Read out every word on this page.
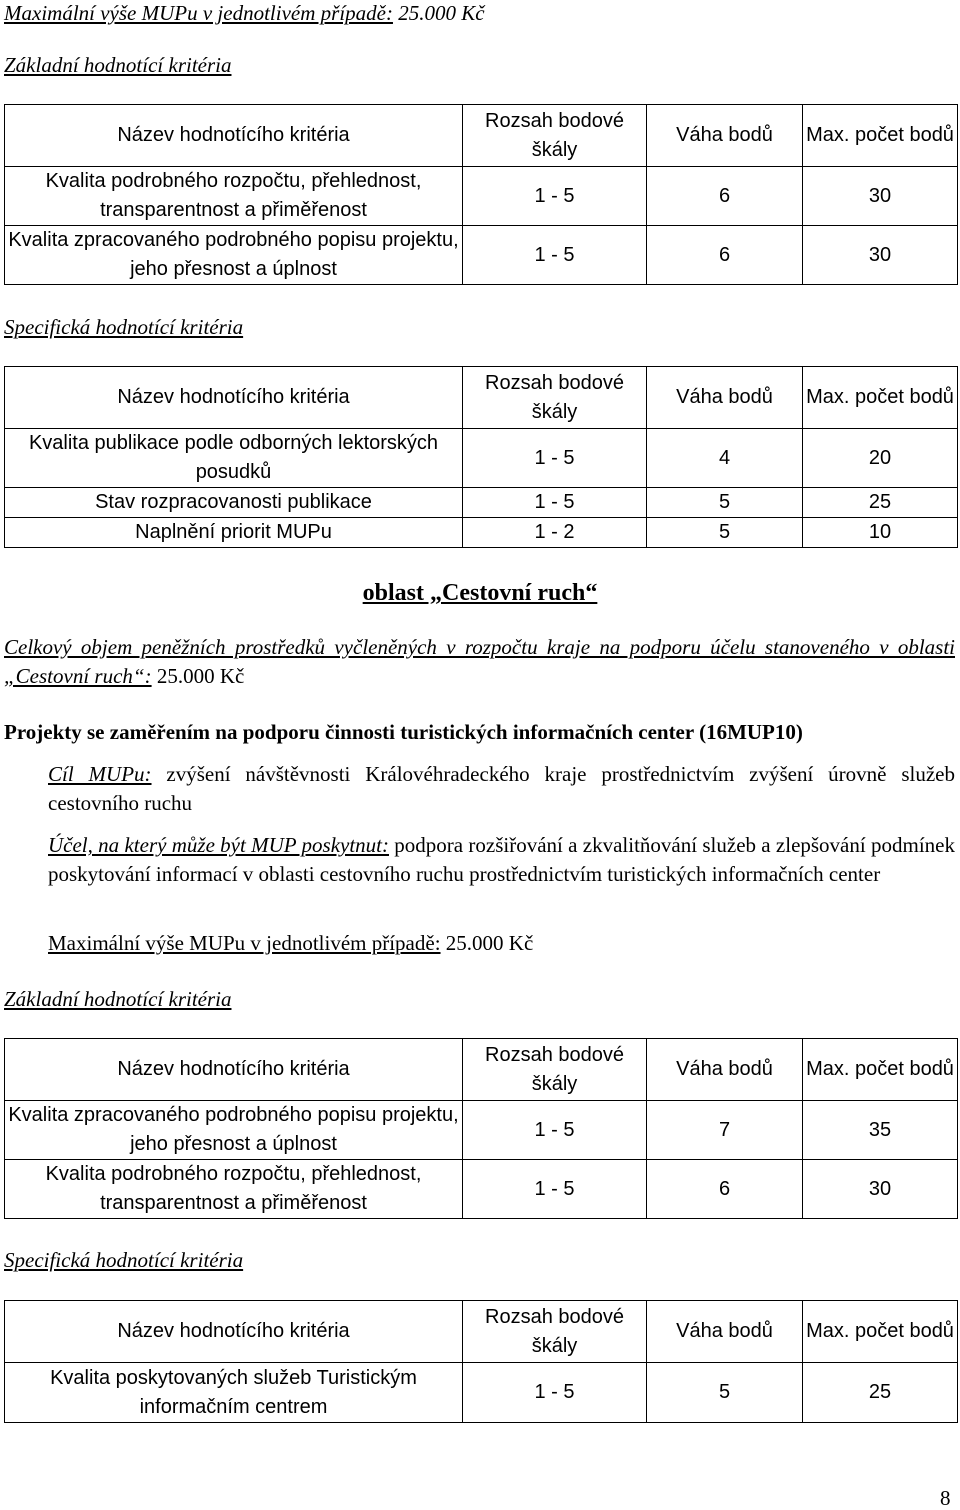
Maximální výše MUPu v jednotlivém případě: 25.000 Kč
Základní hodnotící kritéria
Název hodnotícího kritéria	Rozsah bodové škály	Váha bodů	Max. počet bodů
Kvalita podrobného rozpočtu, přehlednost, transparentnost a přiměřenost	1 - 5	6	30
Kvalita zpracovaného podrobného popisu projektu, jeho přesnost a úplnost	1 - 5	6	30
Specifická hodnotící kritéria
Název hodnotícího kritéria	Rozsah bodové škály	Váha bodů	Max. počet bodů
Kvalita publikace podle odborných lektorských posudků	1 - 5	4	20
Stav rozpracovanosti publikace	1 - 5	5	25
Naplnění priorit MUPu	1 - 2	5	10
oblast „Cestovní ruch“
Celkový objem peněžních prostředků vyčleněných v rozpočtu kraje na podporu účelu stanoveného v oblasti „Cestovní ruch“: 25.000 Kč
Projekty se zaměřením na podporu činnosti turistických informačních center (16MUP10)
Cíl MUPu: zvýšení návštěvnosti Královéhradeckého kraje prostřednictvím zvýšení úrovně služeb cestovního ruchu
Účel, na který může být MUP poskytnut: podpora rozšiřování a zkvalitňování služeb a zlepšování podmínek poskytování informací v oblasti cestovního ruchu prostřednictvím turistických informačních center
Maximální výše MUPu v jednotlivém případě: 25.000 Kč
Základní hodnotící kritéria
Název hodnotícího kritéria	Rozsah bodové škály	Váha bodů	Max. počet bodů
Kvalita zpracovaného podrobného popisu projektu, jeho přesnost a úplnost	1 - 5	7	35
Kvalita podrobného rozpočtu, přehlednost, transparentnost a přiměřenost	1 - 5	6	30
Specifická hodnotící kritéria
Název hodnotícího kritéria	Rozsah bodové škály	Váha bodů	Max. počet bodů
Kvalita poskytovaných služeb Turistickým informačním centrem	1 - 5	5	25
8
